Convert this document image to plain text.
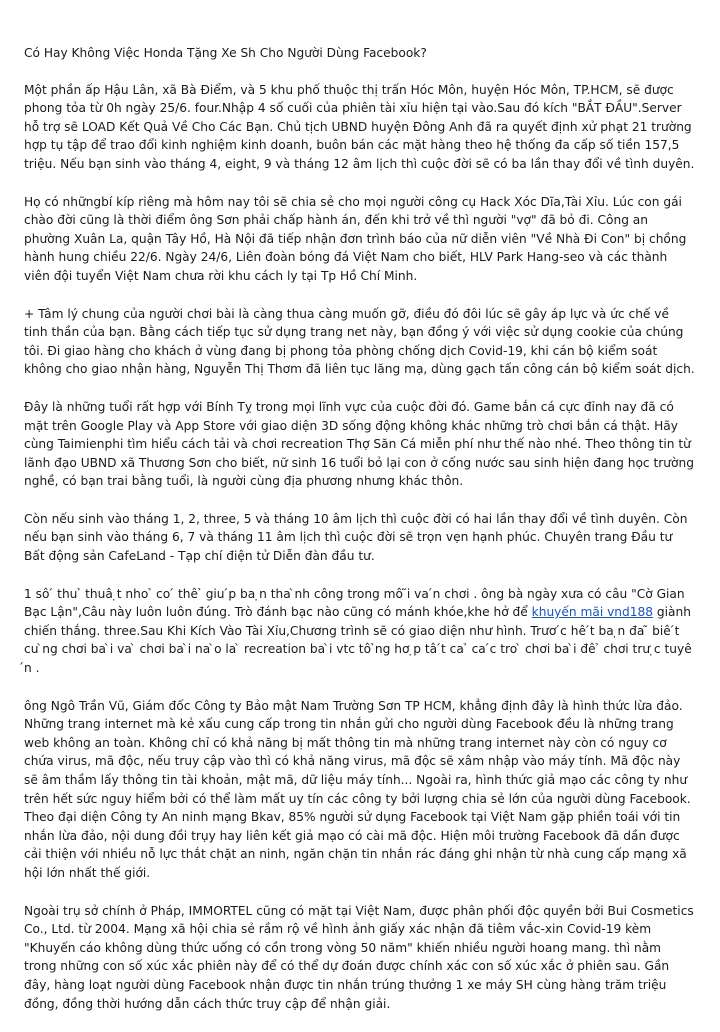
Có Hay Không Việc Honda Tặng Xe Sh Cho Người Dùng Facebook?

Một phần ấp Hậu Lân, xã Bà Điểm, và 5 khu phố thuộc thị trấn Hóc Môn, huyện Hóc Môn, TP.HCM, sẽ được phong tỏa từ 0h ngày 25/6. four.Nhập 4 số cuối của phiên tài xỉu hiện tại vào.Sau đó kích "BẮT ĐẦU".Server hỗ trợ sẽ LOAD Kết Quả Về Cho Các Bạn. Chủ tịch UBND huyện Đông Anh đã ra quyết định xử phạt 21 trường hợp tụ tập để trao đổi kinh nghiệm kinh doanh, buôn bán các mặt hàng theo hệ thống đa cấp số tiền 157,5 triệu. Nếu bạn sinh vào tháng 4, eight, 9 và tháng 12 âm lịch thì cuộc đời sẽ có ba lần thay đổi về tình duyên.

Họ có nhữngbí kíp riêng mà hôm nay tôi sẽ chia sẻ cho mọi người công cụ Hack Xóc Dĩa,Tài Xỉu. Lúc con gái chào đời cũng là thời điểm ông Sơn phải chấp hành án, đến khi trở về thì người "vợ" đã bỏ đi. Công an phường Xuân La, quận Tây Hồ, Hà Nội đã tiếp nhận đơn trình báo của nữ diễn viên "Về Nhà Đi Con" bị chồng hành hung chiều 22/6. Ngày 24/6, Liên đoàn bóng đá Việt Nam cho biết, HLV Park Hang-seo và các thành viên đội tuyển Việt Nam chưa rời khu cách ly tại Tp Hồ Chí Minh.

+ Tâm lý chung của người chơi bài là càng thua càng muốn gỡ, điều đó đôi lúc sẽ gây áp lực và ức chế về tinh thần của bạn. Bằng cách tiếp tục sử dụng trang net này, bạn đồng ý với việc sử dụng cookie của chúng tôi. Đi giao hàng cho khách ở vùng đang bị phong tỏa phòng chống dịch Covid-19, khi cán bộ kiểm soát không cho giao nhận hàng, Nguyễn Thị Thơm đã liên tục lăng mạ, dùng gạch tấn công cán bộ kiểm soát dịch.

Đây là những tuổi rất hợp với Bính Tỵ trong mọi lĩnh vực của cuộc đời đó. Game bắn cá cực đỉnh nay đã có mặt trên Google Play và App Store với giao diện 3D sống động không khác những trò chơi bắn cá thật. Hãy cùng Taimienphi tìm hiểu cách tải và chơi recreation Thợ Săn Cá miễn phí như thế nào nhé. Theo thông tin từ lãnh đạo UBND xã Thương Sơn cho biết, nữ sinh 16 tuổi bỏ lại con ở cống nước sau sinh hiện đang học trường nghề, có bạn trai bằng tuổi, là người cùng địa phương nhưng khác thôn.

Còn nếu sinh vào tháng 1, 2, three, 5 và tháng 10 âm lịch thì cuộc đời có hai lần thay đổi về tình duyên. Còn nếu bạn sinh vào tháng 6, 7 và tháng 11 âm lịch thì cuộc đời sẽ trọn vẹn hạnh phúc. Chuyên trang Đầu tư Bất động sản CafeLand - Tạp chí điện tử Diễn đàn đầu tư.

1 sô ́ thu ̉ thuâ ̣t nho ̉ co ́ thê ̉ giu ́p ba ̣n tha ̀nh công trong mô ̃i va ́n chơi . ông bà ngày xưa có câu "Cờ Gian Bạc Lận",Câu này luôn luôn đúng. Trò đánh bạc nào cũng có mánh khóe,khe hở để khuyến mãi vnd188 giành chiến thắng. three.Sau Khi Kích Vào Tài Xỉu,Chương trình sẽ có giao diện như hình. Trươ ́c hê ́t ba ̣n đa ̃ biê ́t cu ̀ng chơi ba ̀i va ̀ chơi ba ̀i na ̀o la ̀ recreation ba ̀i vtc tô ̉ng hơ ̣p tâ ́t ca ̉ ca ́c tro ̀ chơi ba ̀i đê ̉ chơi trư ̣c tuyê ́n .

ông Ngô Trần Vũ, Giám đốc Công ty Bảo mật Nam Trường Sơn TP HCM, khẳng định đây là hình thức lừa đảo. Những trang internet mà kẻ xấu cung cấp trong tin nhắn gửi cho người dùng Facebook đều là những trang web không an toàn. Không chỉ có khả năng bị mất thông tin mà những trang internet này còn có nguy cơ chứa virus, mã độc, nếu truy cập vào thì có khả năng virus, mã độc sẽ xâm nhập vào máy tính. Mã độc này sẽ âm thầm lấy thông tin tài khoản, mật mã, dữ liệu máy tính... Ngoài ra, hình thức giả mạo các công ty như trên hết sức nguy hiểm bởi có thể làm mất uy tín các công ty bởi lượng chia sẻ lớn của người dùng Facebook. Theo đại diện Công ty An ninh mạng Bkav, 85% người sử dụng Facebook tại Việt Nam gặp phiền toái với tin nhắn lừa đảo, nội dung đồi trụy hay liên kết giả mạo có cài mã độc. Hiện môi trường Facebook đã dần được cải thiện với nhiều nỗ lực thắt chặt an ninh, ngăn chặn tin nhắn rác đáng ghi nhận từ nhà cung cấp mạng xã hội lớn nhất thế giới.

Ngoài trụ sở chính ở Pháp, IMMORTEL cũng có mặt tại Việt Nam, được phân phối độc quyền bởi Bui Cosmetics Co., Ltd. từ 2004. Mạng xã hội chia sẻ rầm rộ về hình ảnh giấy xác nhận đã tiêm vắc-xin Covid-19 kèm "Khuyến cáo không dùng thức uống có cồn trong vòng 50 năm" khiến nhiều người hoang mang. thì nằm trong những con số xúc xắc phiên này để có thể dự đoán được chính xác con số xúc xắc ở phiên sau. Gần đây, hàng loạt người dùng Facebook nhận được tin nhắn trúng thưởng 1 xe máy SH cùng hàng trăm triệu đồng, đồng thời hướng dẫn cách thức truy cập để nhận giải.
